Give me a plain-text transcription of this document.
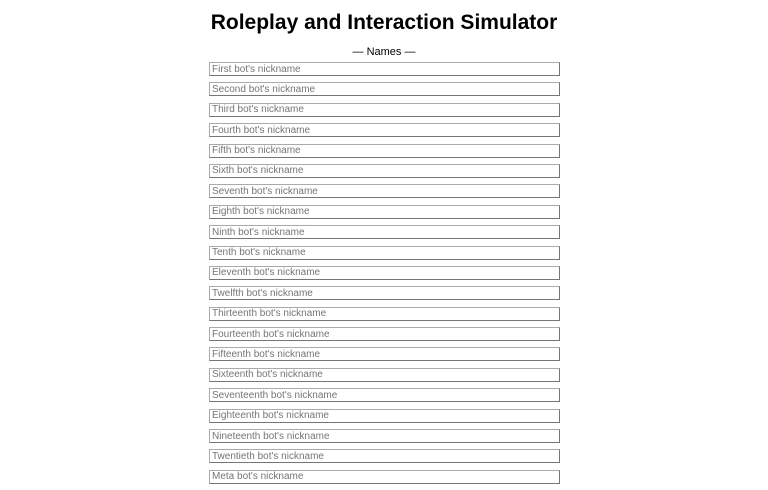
Roleplay and Interaction Simulator
— Names —
First bot's nickname
Second bot's nickname
Third bot's nickname
Fourth bot's nickname
Fifth bot's nickname
Sixth bot's nickname
Seventh bot's nickname
Eighth bot's nickname
Ninth bot's nickname
Tenth bot's nickname
Eleventh bot's nickname
Twelfth bot's nickname
Thirteenth bot's nickname
Fourteenth bot's nickname
Fifteenth bot's nickname
Sixteenth bot's nickname
Seventeenth bot's nickname
Eighteenth bot's nickname
Nineteenth bot's nickname
Twentieth bot's nickname
Meta bot's nickname
